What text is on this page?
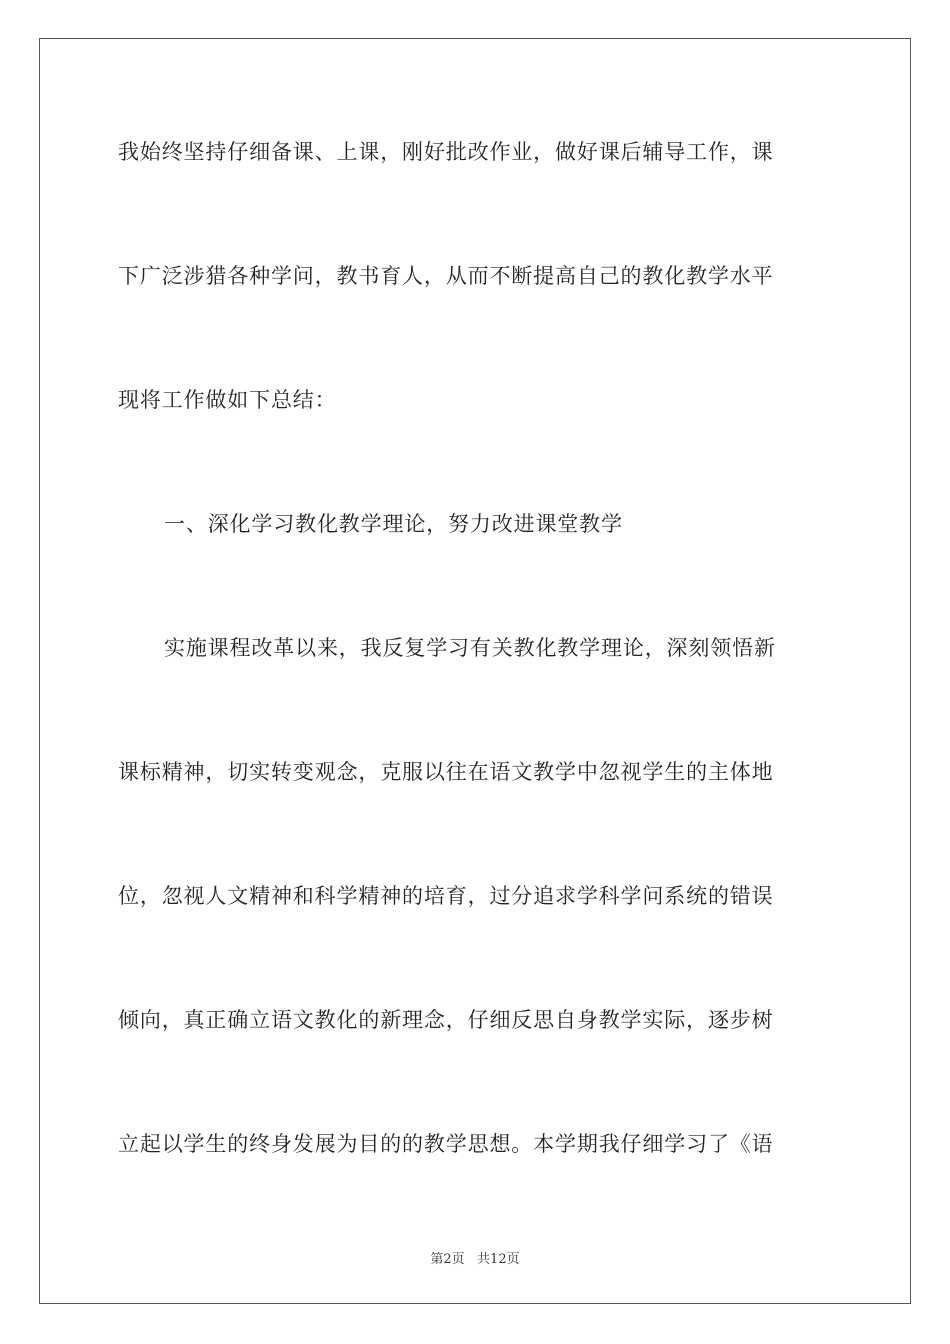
我始终坚持仔细备课、上课，刚好批改作业，做好课后辅导工作，课
下广泛涉猎各种学问，教书育人，从而不断提高自己的教化教学水平
现将工作做如下总结：
一、深化学习教化教学理论，努力改进课堂教学
实施课程改革以来，我反复学习有关教化教学理论，深刻领悟新
课标精神，切实转变观念，克服以往在语文教学中忽视学生的主体地
位，忽视人文精神和科学精神的培育，过分追求学科学问系统的错误
倾向，真正确立语文教化的新理念，仔细反思自身教学实际，逐步树
立起以学生的终身发展为目的的教学思想。本学期我仔细学习了《语
第2页   共12页
